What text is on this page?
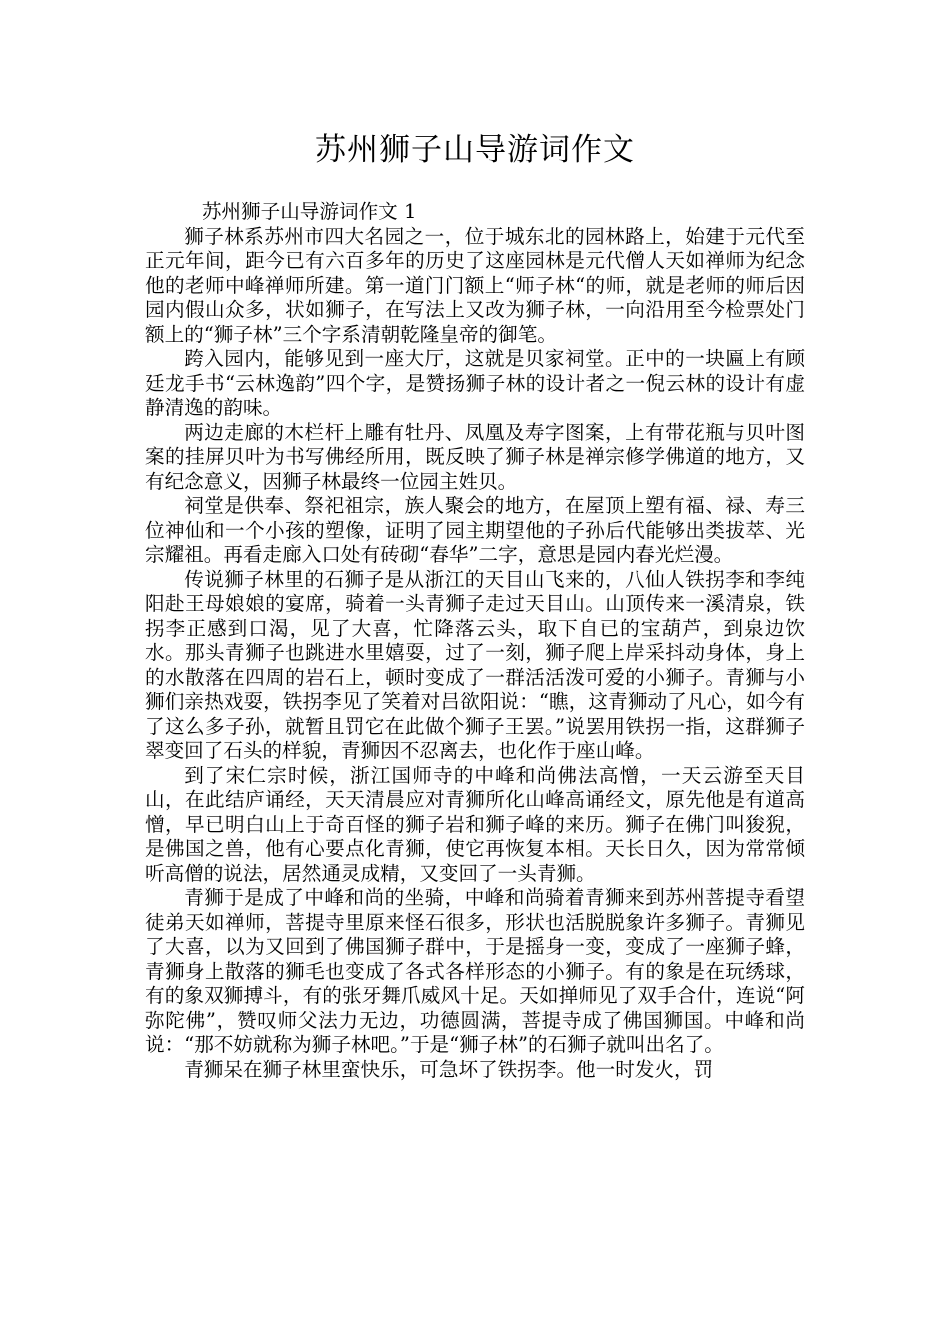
苏州狮子山导游词作文

苏州狮子山导游词作文 1

狮子林系苏州市四大名园之一，位于城东北的园林路上，始建于元代至正元年间，距今已有六百多年的历史了这座园林是元代僧人天如禅师为纪念他的老师中峰禅师所建。第一道门门额上“师子林“的师，就是老师的师后因园内假山众多，状如狮子，在写法上又改为狮子林，一向沿用至今检票处门额上的“狮子林”三个字系清朝乾隆皇帝的御笔。

跨入园内，能够见到一座大厅，这就是贝家祠堂。正中的一块匾上有顾廷龙手书“云林逸韵”四个字，是赞扬狮子林的设计者之一倪云林的设计有虚静清逸的韵味。

两边走廊的木栏杆上雕有牡丹、凤凰及寿字图案，上有带花瓶与贝叶图案的挂屏贝叶为书写佛经所用，既反映了狮子林是禅宗修学佛道的地方，又有纪念意义，因狮子林最终一位园主姓贝。

祠堂是供奉、祭祀祖宗，族人聚会的地方，在屋顶上塑有福、禄、寿三位神仙和一个小孩的塑像，证明了园主期望他的子孙后代能够出类拔萃、光宗耀祖。再看走廊入口处有砖砌“春华”二字，意思是园内春光烂漫。

传说狮子林里的石狮子是从浙江的天目山飞来的，八仙人铁拐李和李纯阳赴王母娘娘的宴席，骑着一头青狮子走过天目山。山顶传来一溪清泉，铁拐李正感到口渴，见了大喜，忙降落云头，取下自已的宝葫芦，到泉边饮水。那头青狮子也跳进水里嬉耍，过了一刻，狮子爬上岸采抖动身体，身上的水散落在四周的岩石上，顿时变成了一群活活泼可爱的小狮子。青狮与小狮们亲热戏耍，铁拐李见了笑着对吕欲阳说：“瞧，这青狮动了凡心，如今有了这么多子孙，就暂且罚它在此做个狮子王罢。”说罢用铁拐一指，这群狮子翠变回了石头的样貌，青狮因不忍离去，也化作于座山峰。

到了宋仁宗时候，浙江国师寺的中峰和尚佛法高憎，一天云游至天目山，在此结庐诵经，天天清晨应对青狮所化山峰高诵经文，原先他是有道高憎，早已明白山上于奇百怪的狮子岩和狮子峰的来历。狮子在佛门叫狻猊，是佛国之兽，他有心要点化青狮，使它再恢复本相。天长日久，因为常常倾听高僧的说法，居然通灵成精，又变回了一头青狮。

青狮于是成了中峰和尚的坐骑，中峰和尚骑着青狮来到苏州菩提寺看望徒弟天如禅师，菩提寺里原来怪石很多，形状也活脱脱象许多狮子。青狮见了大喜，以为又回到了佛国狮子群中，于是摇身一变，变成了一座狮子蜂，青狮身上散落的狮毛也变成了各式各样形态的小狮子。有的象是在玩绣球，有的象双狮搏斗，有的张牙舞爪威风十足。天如掸师见了双手合什，连说“阿弥陀佛”，赞叹师父法力无边，功德圆满，菩提寺成了佛国狮国。中峰和尚说：“那不妨就称为狮子林吧。”于是“狮子林”的石狮子就叫出名了。

青狮呆在狮子林里蛮快乐，可急坏了铁拐李。他一时发火，罚
